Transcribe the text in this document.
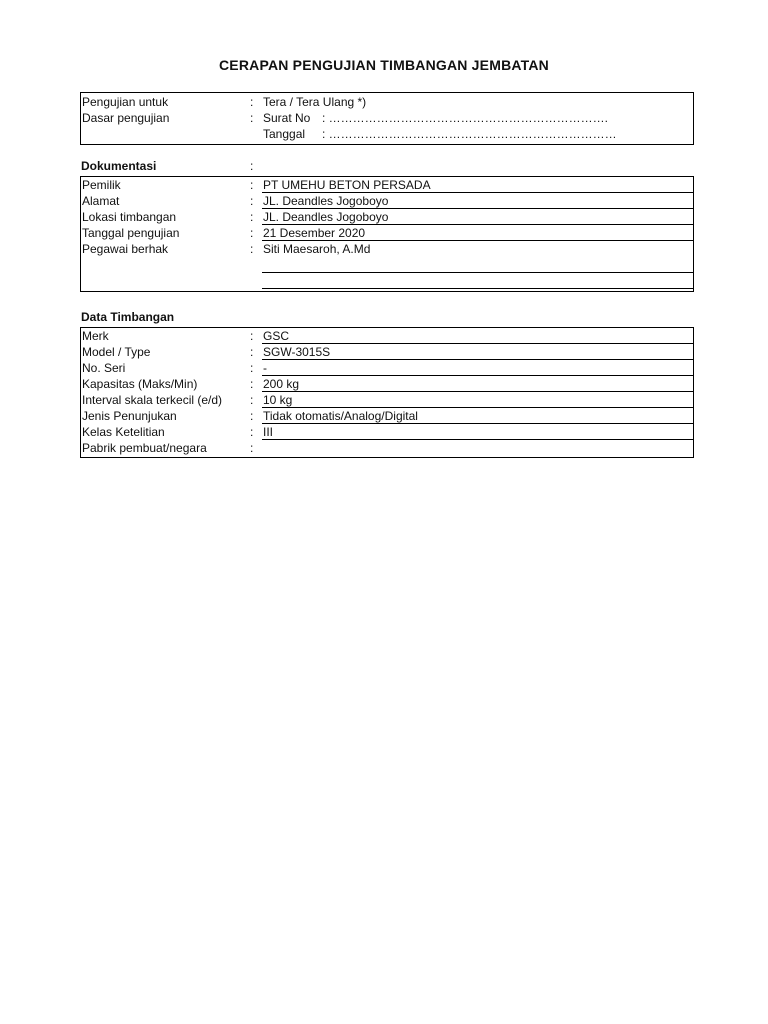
CERAPAN PENGUJIAN TIMBANGAN JEMBATAN
Pengujian untuk	: Tera / Tera Ulang *)
Dasar pengujian	: Surat No : …………………………………………………………….
Tanggal : ………………………………………………………………
Dokumentasi	:
Pemilik	: PT UMEHU BETON PERSADA
Alamat	: JL. Deandles Jogoboyo
Lokasi timbangan	: JL. Deandles Jogoboyo
Tanggal pengujian	: 21 Desember 2020
Pegawai berhak	: Siti Maesaroh, A.Md
Data Timbangan
Merk	: GSC
Model / Type	: SGW-3015S
No. Seri	: -
Kapasitas (Maks/Min)	: 200 kg
Interval skala terkecil (e/d) : 10 kg
Jenis Penunjukan	: Tidak otomatis/Analog/Digital
Kelas Ketelitian	: III
Pabrik pembuat/negara	:
